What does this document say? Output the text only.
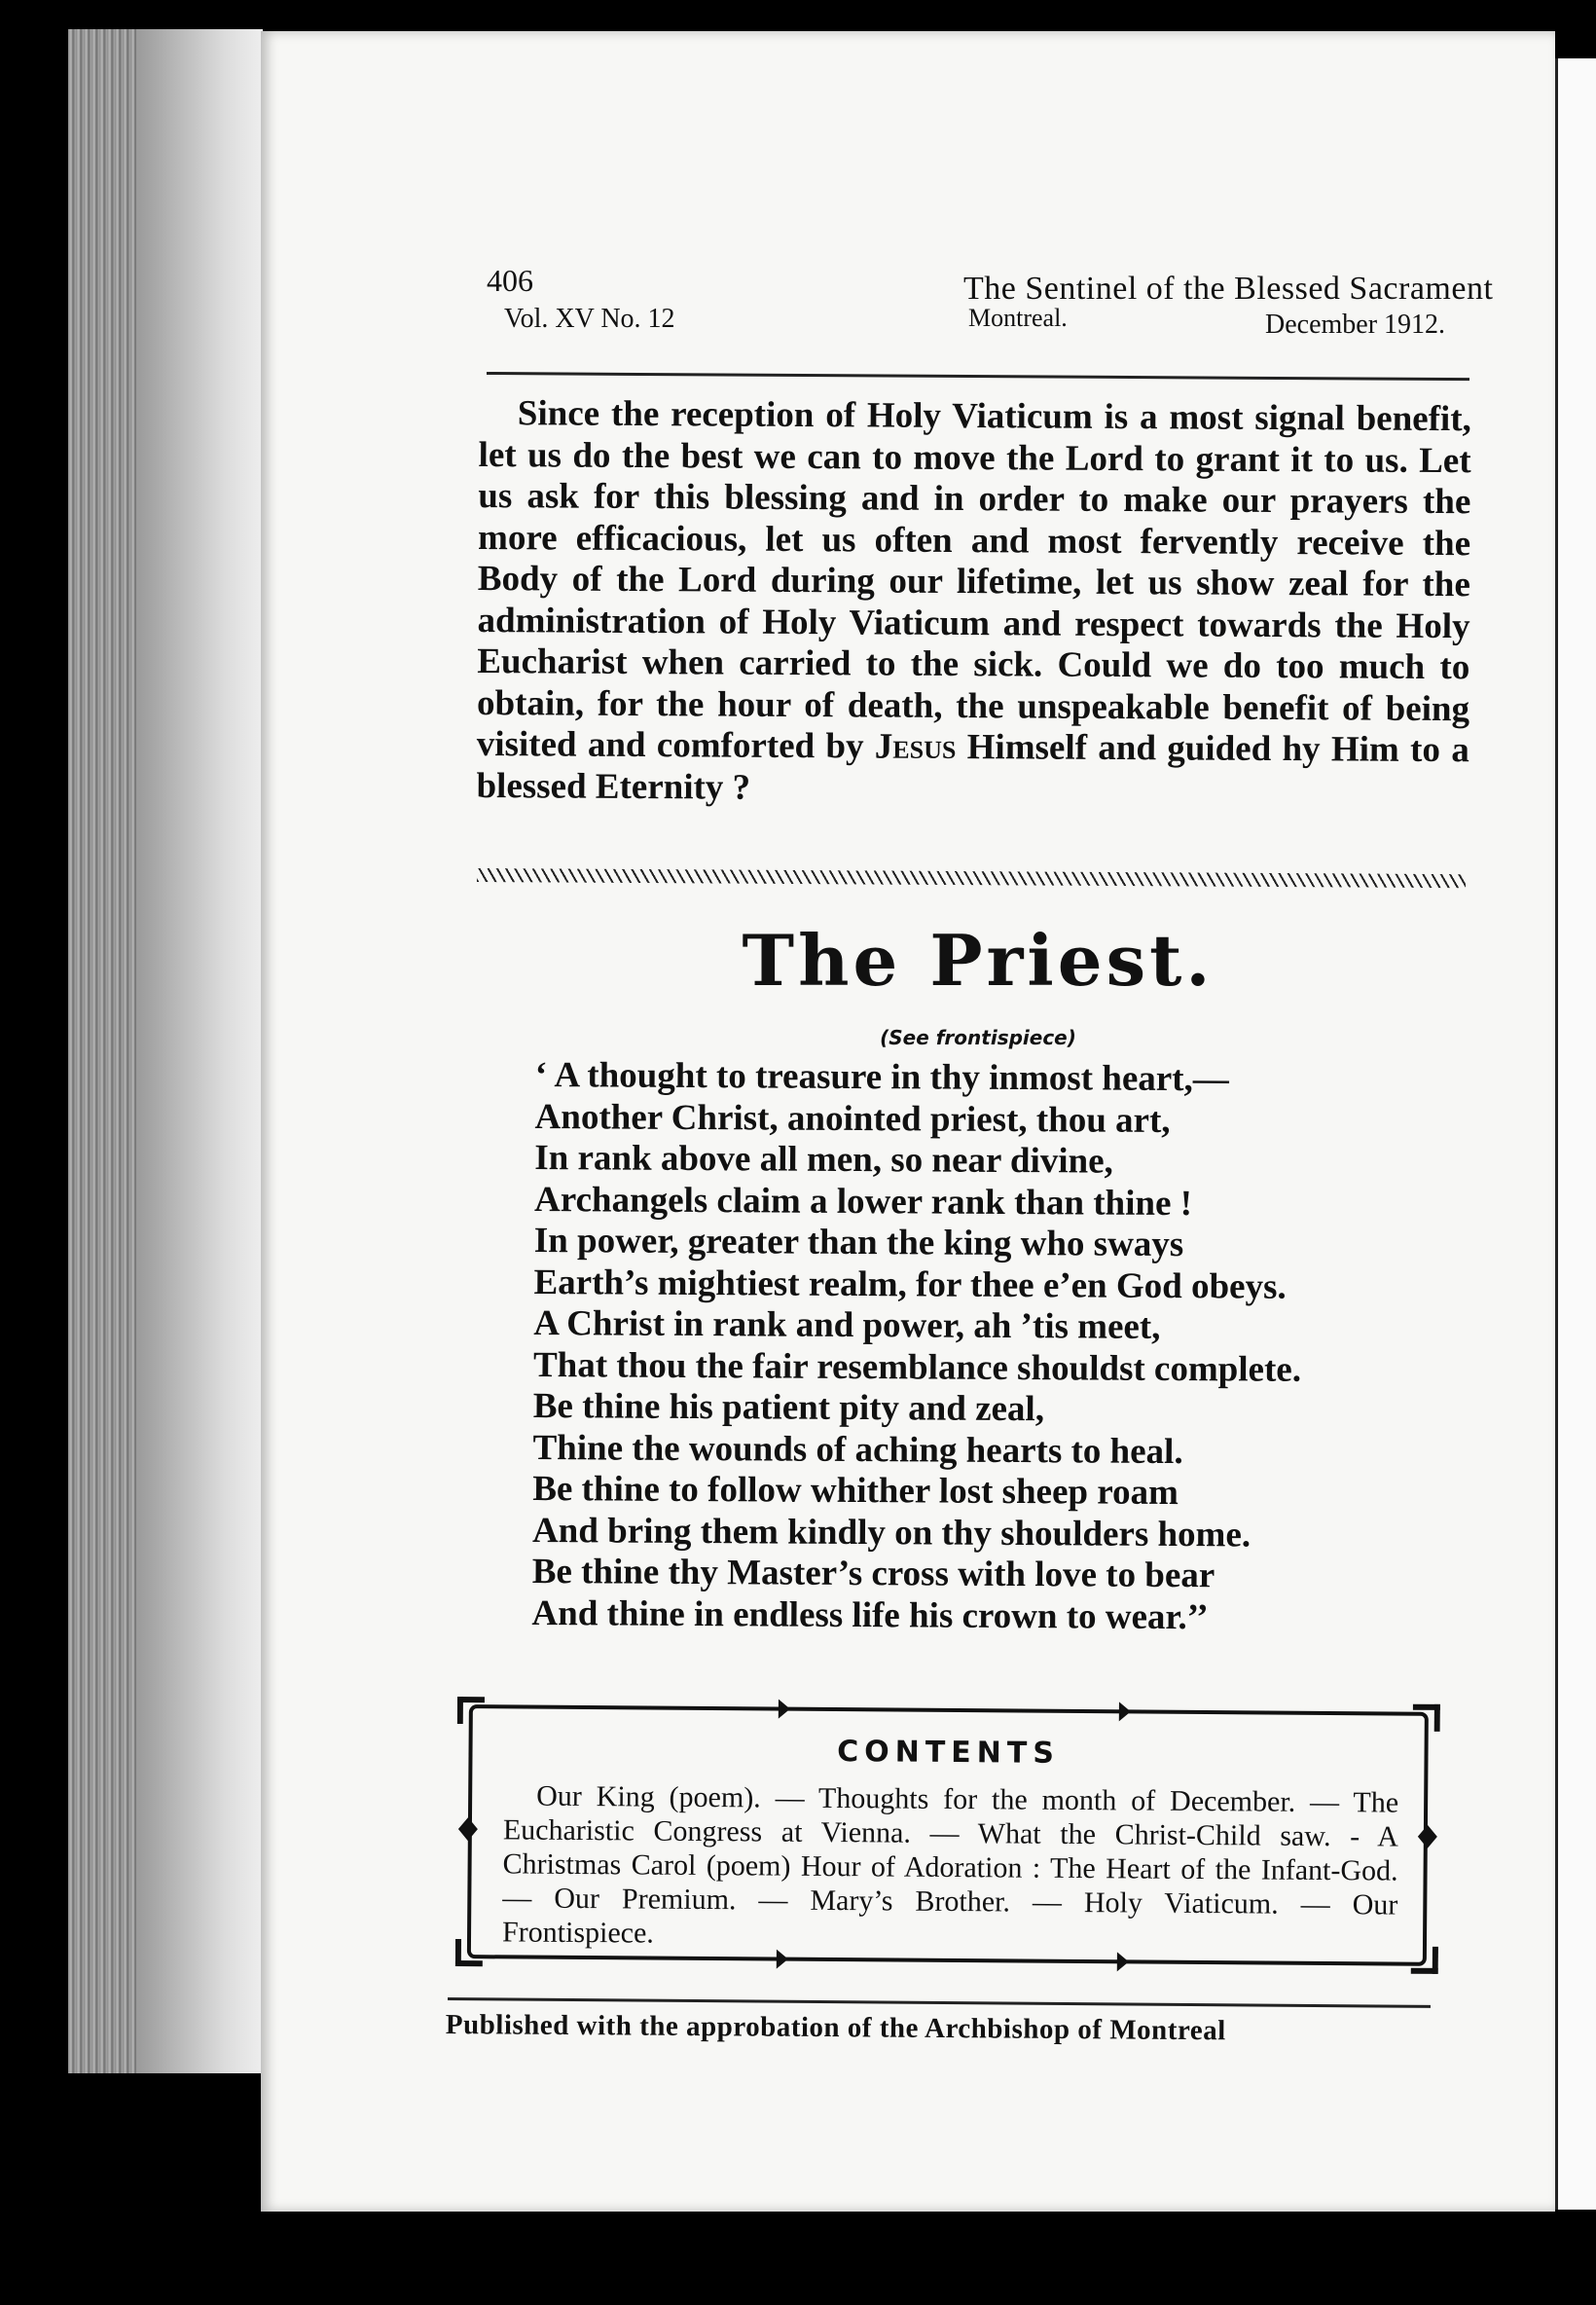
406	The Sentinel of the Blessed Sacrament
Vol. XV No. 12	Montreal.	December 1912.
Since the reception of Holy Viaticum is a most signal benefit, let us do the best we can to move the Lord to grant it to us. Let us ask for this blessing and in order to make our prayers the more efficacious, let us often and most fervently receive the Body of the Lord during our lifetime, let us show zeal for the administration of Holy Viaticum and respect towards the Holy Eucharist when carried to the sick. Could we do too much to obtain, for the hour of death, the unspeakable benefit of being visited and comforted by Jesus Himself and guided hy Him to a blessed Eternity ?
The Priest.
(See frontispiece)
‘ A thought to treasure in thy inmost heart,—
Another Christ, anointed priest, thou art,
In rank above all men, so near divine,
Archangels claim a lower rank than thine !
In power, greater than the king who sways
Earth’s mightiest realm, for thee e’en God obeys.
A Christ in rank and power, ah ’tis meet,
That thou the fair resemblance shouldst complete.
Be thine his patient pity and zeal,
Thine the wounds of aching hearts to heal.
Be thine to follow whither lost sheep roam
And bring them kindly on thy shoulders home.
Be thine thy Master’s cross with love to bear
And thine in endless life his crown to wear.’’
CONTENTS
Our King (poem). — Thoughts for the month of December. — The Eucharistic Congress at Vienna. — What the Christ-Child saw. - A Christmas Carol (poem) Hour of Adoration : The Heart of the Infant-God. — Our Premium. — Mary’s Brother. — Holy Viaticum. — Our Frontispiece.
Published with the approbation of the Archbishop of Montreal
